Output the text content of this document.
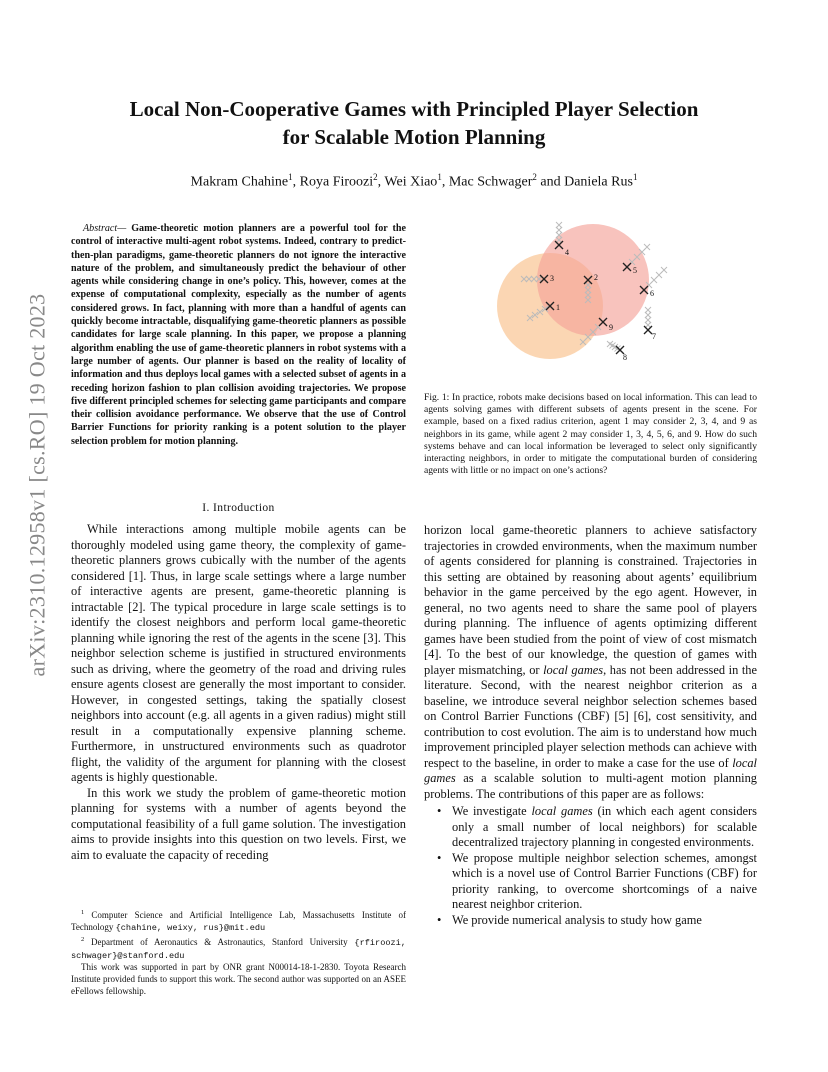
arXiv:2310.12958v1 [cs.RO] 19 Oct 2023
Local Non-Cooperative Games with Principled Player Selection
for Scalable Motion Planning
Makram Chahine$^1$, Roya Firoozi$^2$, Wei Xiao$^1$, Mac Schwager$^2$ and Daniela Rus$^1$
Abstract— Game-theoretic motion planners are a powerful tool for the control of interactive multi-agent robot systems. Indeed, contrary to predict-then-plan paradigms, game-theoretic planners do not ignore the interactive nature of the problem, and simultaneously predict the behaviour of other agents while considering change in one’s policy. This, however, comes at the expense of computational complexity, especially as the number of agents considered grows. In fact, planning with more than a handful of agents can quickly become intractable, disqualifying game-theoretic planners as possible candidates for large scale planning. In this paper, we propose a planning algorithm enabling the use of game-theoretic planners in robot systems with a large number of agents. Our planner is based on the reality of locality of information and thus deploys local games with a selected subset of agents in a receding horizon fashion to plan collision avoiding trajectories. We propose five different principled schemes for selecting game participants and compare their collision avoidance performance. We observe that the use of Control Barrier Functions for priority ranking is a potent solution to the player selection problem for motion planning.
I. Introduction

While interactions among multiple mobile agents can be thoroughly modeled using game theory, the complexity of game-theoretic planners grows cubically with the number of the agents considered [1]. Thus, in large scale settings where a large number of interactive agents are present, game-theoretic planning is intractable [2]. The typical procedure in large scale settings is to identify the closest neighbors and perform local game-theoretic planning while ignoring the rest of the agents in the scene [3]. This neighbor selection scheme is justified in structured environments such as driving, where the geometry of the road and driving rules ensure agents closest are generally the most important to consider. However, in congested settings, taking the spatially closest neighbors into account (e.g. all agents in a given radius) might still result in a computationally expensive planning scheme. Furthermore, in unstructured environments such as quadrotor flight, the validity of the argument for planning with the closest agents is highly questionable.

In this work we study the problem of game-theoretic motion planning for systems with a number of agents beyond the computational feasibility of a full game solution. The investigation aims to provide insights into this question on two levels. First, we aim to evaluate the capacity of receding

$^1$ Computer Science and Artificial Intelligence Lab, Massachusetts Institute of Technology {chahine, weixy, rus}@mit.edu

$^2$ Department of Aeronautics & Astronautics, Stanford University {rfiroozi, schwager}@stanford.edu

This work was supported in part by ONR grant N00014-18-1-2830. Toyota Research Institute provided funds to support this work. The second author was supported on an ASEE eFellows fellowship.

1
2
3
4
5
6
7
8
9
Fig. 1: In practice, robots make decisions based on local information. This can lead to agents solving games with different subsets of agents present in the scene. For example, based on a fixed radius criterion, agent 1 may consider 2, 3, 4, and 9 as neighbors in its game, while agent 2 may consider 1, 3, 4, 5, 6, and 9. How do such systems behave and can local information be leveraged to select only significantly interacting neighbors, in order to mitigate the computational burden of considering agents with little or no impact on one’s actions?

horizon local game-theoretic planners to achieve satisfactory trajectories in crowded environments, when the maximum number of agents considered for planning is constrained. Trajectories in this setting are obtained by reasoning about agents’ equilibrium behavior in the game perceived by the ego agent. However, in general, no two agents need to share the same pool of players during planning. The influence of agents optimizing different games have been studied from the point of view of cost mismatch [4]. To the best of our knowledge, the question of games with player mismatching, or local games, has not been addressed in the literature. Second, with the nearest neighbor criterion as a baseline, we introduce several neighbor selection schemes based on Control Barrier Functions (CBF) [5] [6], cost sensitivity, and contribution to cost evolution. The aim is to understand how much improvement principled player selection methods can achieve with respect to the baseline, in order to make a case for the use of local games as a scalable solution to multi-agent motion planning problems. The contributions of this paper are as follows:

• We investigate local games (in which each agent considers only a small number of local neighbors) for scalable decentralized trajectory planning in congested environments.
• We propose multiple neighbor selection schemes, amongst which is a novel use of Control Barrier Functions (CBF) for priority ranking, to overcome shortcomings of a naive nearest neighbor criterion.
• We provide numerical analysis to study how game
